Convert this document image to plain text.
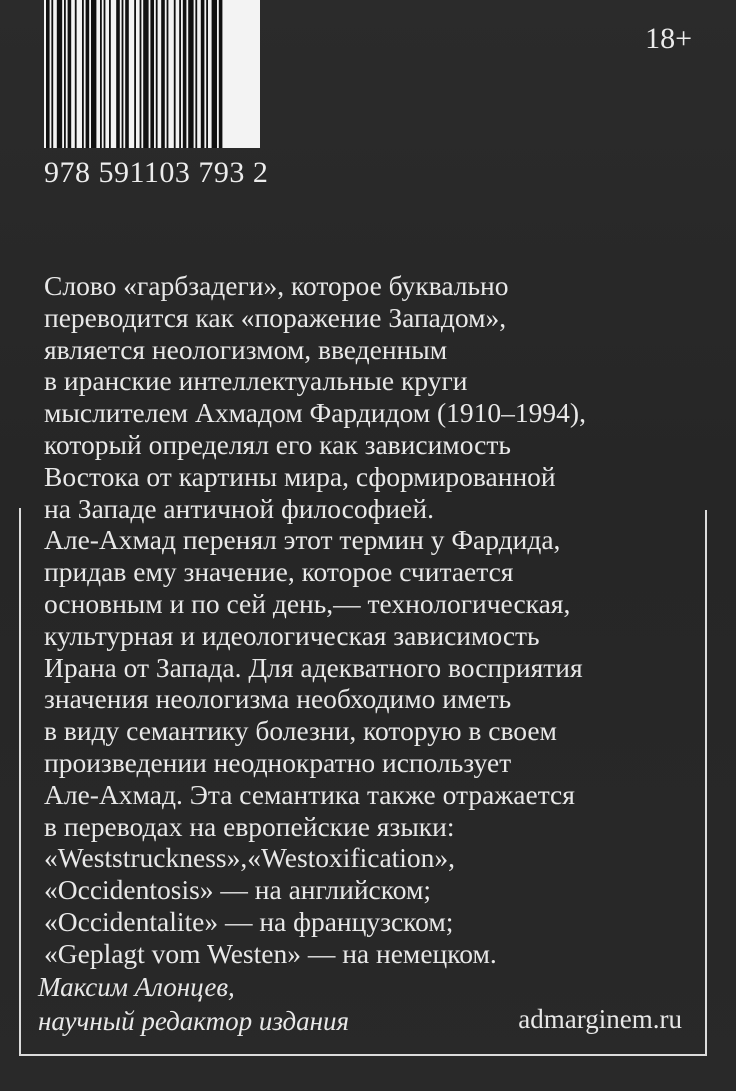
978 591103 793 2
18+
Слово «гарбзадеги», которое буквально
переводится как «поражение Западом»,
является неологизмом, введенным
в иранские интеллектуальные круги
мыслителем Ахмадом Фардидом (1910–1994),
который определял его как зависимость
Востока от картины мира, сформированной
на Западе античной философией.
Але-Ахмад перенял этот термин у Фардида,
придав ему значение, которое считается
основным и по сей день,— технологическая,
культурная и идеологическая зависимость
Ирана от Запада. Для адекватного восприятия
значения неологизма необходимо иметь
в виду семантику болезни, которую в своем
произведении неоднократно использует
Але-Ахмад. Эта семантика также отражается
в переводах на европейские языки:
«Weststruckness»,«Westoxification»,
«Occidentosis» — на английском;
«Occidentalite» — на французском;
«Geplagt vom Westen» — на немецком.
Максим Алонцев,
научный редактор издания	admarginem.ru
